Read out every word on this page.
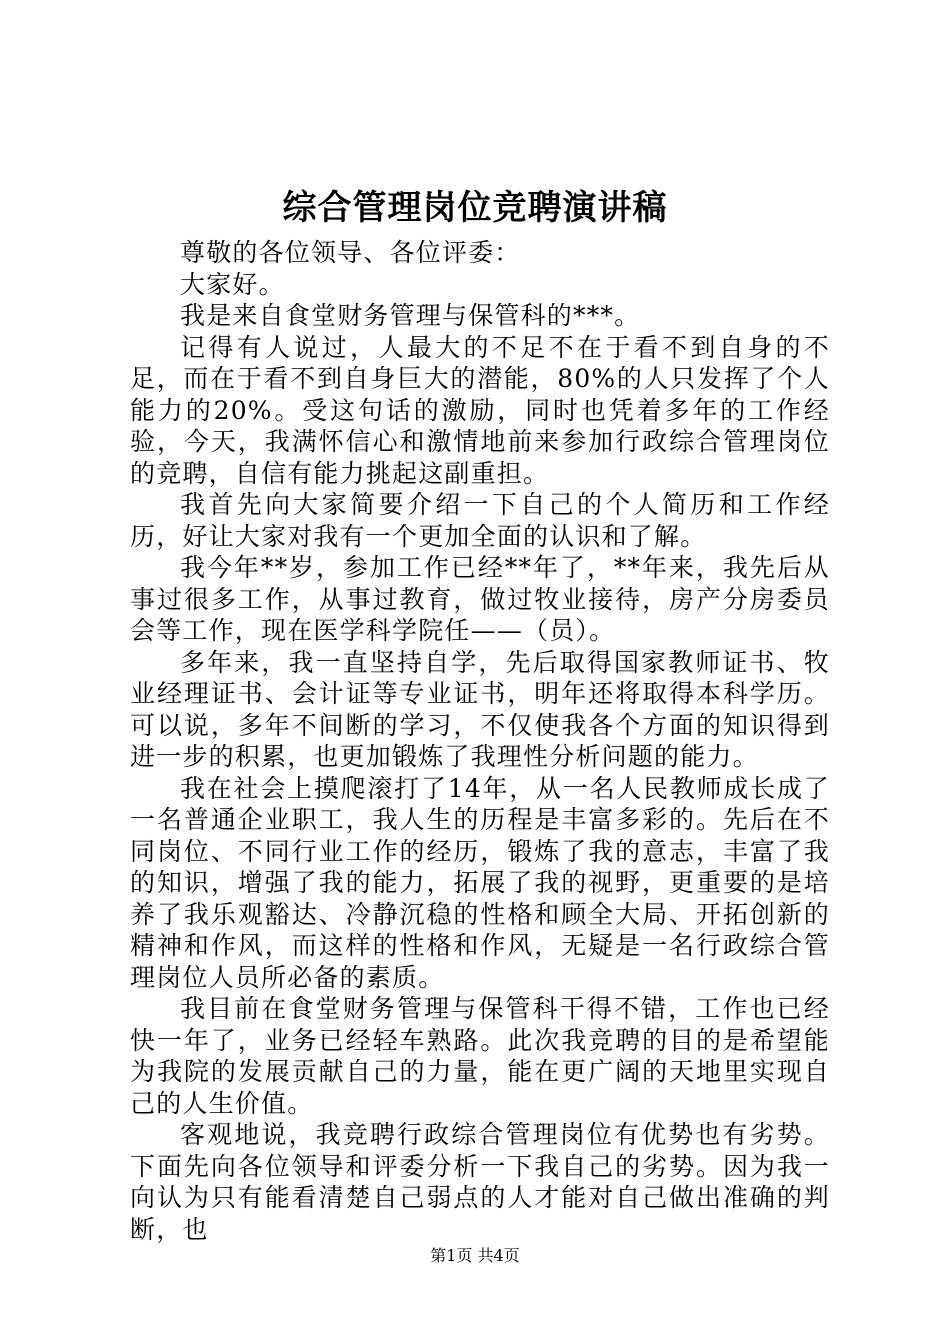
综合管理岗位竞聘演讲稿

尊敬的各位领导、各位评委：

大家好。

我是来自食堂财务管理与保管科的***。

记得有人说过，人最大的不足不在于看不到自身的不足，而在于看不到自身巨大的潜能，80%的人只发挥了个人能力的20%。受这句话的激励，同时也凭着多年的工作经验，今天，我满怀信心和激情地前来参加行政综合管理岗位的竞聘，自信有能力挑起这副重担。

我首先向大家简要介绍一下自己的个人简历和工作经历，好让大家对我有一个更加全面的认识和了解。

我今年**岁，参加工作已经**年了，**年来，我先后从事过很多工作，从事过教育，做过牧业接待，房产分房委员会等工作，现在医学科学院任——（员）。

多年来，我一直坚持自学，先后取得国家教师证书、牧业经理证书、会计证等专业证书，明年还将取得本科学历。可以说，多年不间断的学习，不仅使我各个方面的知识得到进一步的积累，也更加锻炼了我理性分析问题的能力。

我在社会上摸爬滚打了14年，从一名人民教师成长成了一名普通企业职工，我人生的历程是丰富多彩的。先后在不同岗位、不同行业工作的经历，锻炼了我的意志，丰富了我的知识，增强了我的能力，拓展了我的视野，更重要的是培养了我乐观豁达、冷静沉稳的性格和顾全大局、开拓创新的精神和作风，而这样的性格和作风，无疑是一名行政综合管理岗位人员所必备的素质。

我目前在食堂财务管理与保管科干得不错，工作也已经快一年了，业务已经轻车熟路。此次我竞聘的目的是希望能为我院的发展贡献自己的力量，能在更广阔的天地里实现自己的人生价值。

客观地说，我竞聘行政综合管理岗位有优势也有劣势。下面先向各位领导和评委分析一下我自己的劣势。因为我一向认为只有能看清楚自己弱点的人才能对自己做出准确的判断，也

第1页 共4页
